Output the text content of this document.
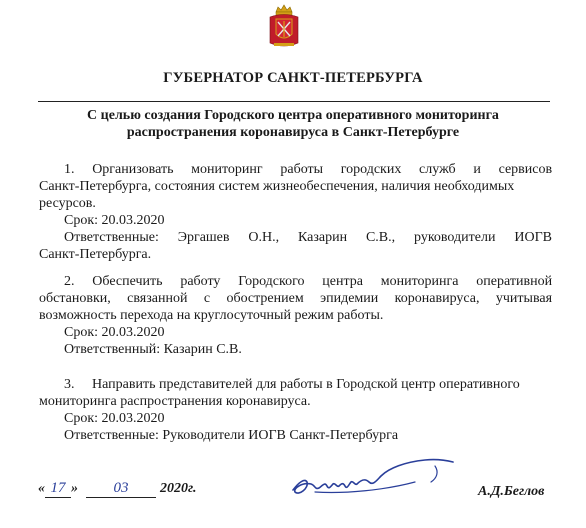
ГУБЕРНАТОР САНКТ-ПЕТЕРБУРГА
С целью создания Городского центра оперативного мониторинга
распространения коронавируса в Санкт-Петербурге
1. Организовать мониторинг работы городских служб и сервисов
Санкт-Петербурга, состояния систем жизнеобеспечения, наличия необходимых
ресурсов.
Срок: 20.03.2020
Ответственные: Эргашев О.Н., Казарин С.В., руководители ИОГВ
Санкт-Петербурга.
2. Обеспечить работу Городского центра мониторинга оперативной
обстановки, связанной с обострением эпидемии коронавируса, учитывая
возможность перехода на круглосуточный режим работы.
Срок: 20.03.2020
Ответственный: Казарин С.В.
3. Направить представителей для работы в Городской центр оперативного
мониторинга распространения коронавируса.
Срок: 20.03.2020
Ответственные: Руководители ИОГВ Санкт-Петербурга
« 17 » 03 2020г.	А.Д.Беглов
